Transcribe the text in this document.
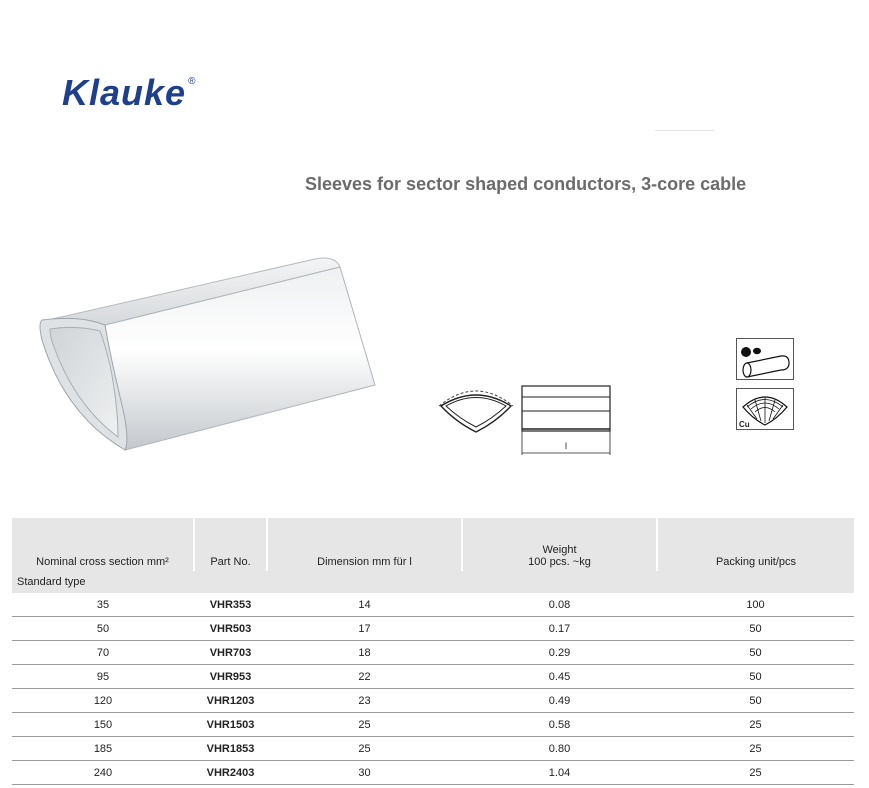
Klauke ®
Sleeves for sector shaped conductors, 3-core cable
l
Cu
Nominal cross section mm²	Part No.	Dimension mm für l	Weight
100 pcs. ~kg	Packing unit/pcs
Standard type				
35	VHR353	14	0.08	100
50	VHR503	17	0.17	50
70	VHR703	18	0.29	50
95	VHR953	22	0.45	50
120	VHR1203	23	0.49	50
150	VHR1503	25	0.58	25
185	VHR1853	25	0.80	25
240	VHR2403	30	1.04	25
